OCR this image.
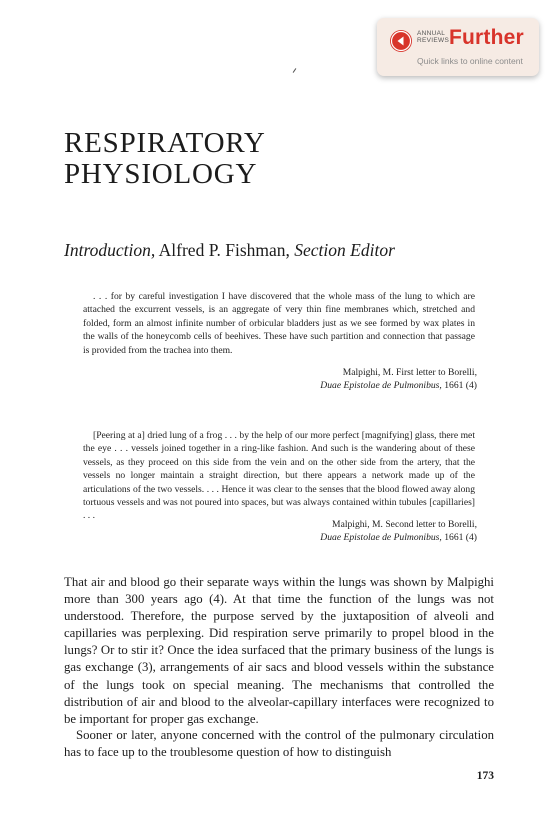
ANNUAL
REVIEWS Further
Quick links to online content
RESPIRATORY
PHYSIOLOGY
Introduction, Alfred P. Fishman, Section Editor

. . . for by careful investigation I have discovered that the whole mass of the lung to which are attached the excurrent vessels, is an aggregate of very thin fine membranes which, stretched and folded, form an almost infinite number of orbicular bladders just as we see formed by wax plates in the walls of the honeycomb cells of beehives. These have such partition and connection that passage is provided from the trachea into them.

Malpighi, M. First letter to Borelli,
Duae Epistolae de Pulmonibus, 1661 (4)

[Peering at a] dried lung of a frog . . . by the help of our more perfect [magnifying] glass, there met the eye . . . vessels joined together in a ring-like fashion. And such is the wandering about of these vessels, as they proceed on this side from the vein and on the other side from the artery, that the vessels no longer maintain a straight direction, but there appears a network made up of the articulations of the two vessels. . . . Hence it was clear to the senses that the blood flowed away along tortuous vessels and was not poured into spaces, but was always contained within tubules [capillaries] . . .

Malpighi, M. Second letter to Borelli,
Duae Epistolae de Pulmonibus, 1661 (4)

That air and blood go their separate ways within the lungs was shown by Malpighi more than 300 years ago (4). At that time the function of the lungs was not understood. Therefore, the purpose served by the juxtaposition of alveoli and capillaries was perplexing. Did respiration serve primarily to propel blood in the lungs? Or to stir it? Once the idea surfaced that the primary business of the lungs is gas exchange (3), arrangements of air sacs and blood vessels within the substance of the lungs took on special meaning. The mechanisms that controlled the distribution of air and blood to the alveolar-capillary interfaces were recognized to be important for proper gas exchange.

Sooner or later, anyone concerned with the control of the pulmonary circulation has to face up to the troublesome question of how to distinguish

173
